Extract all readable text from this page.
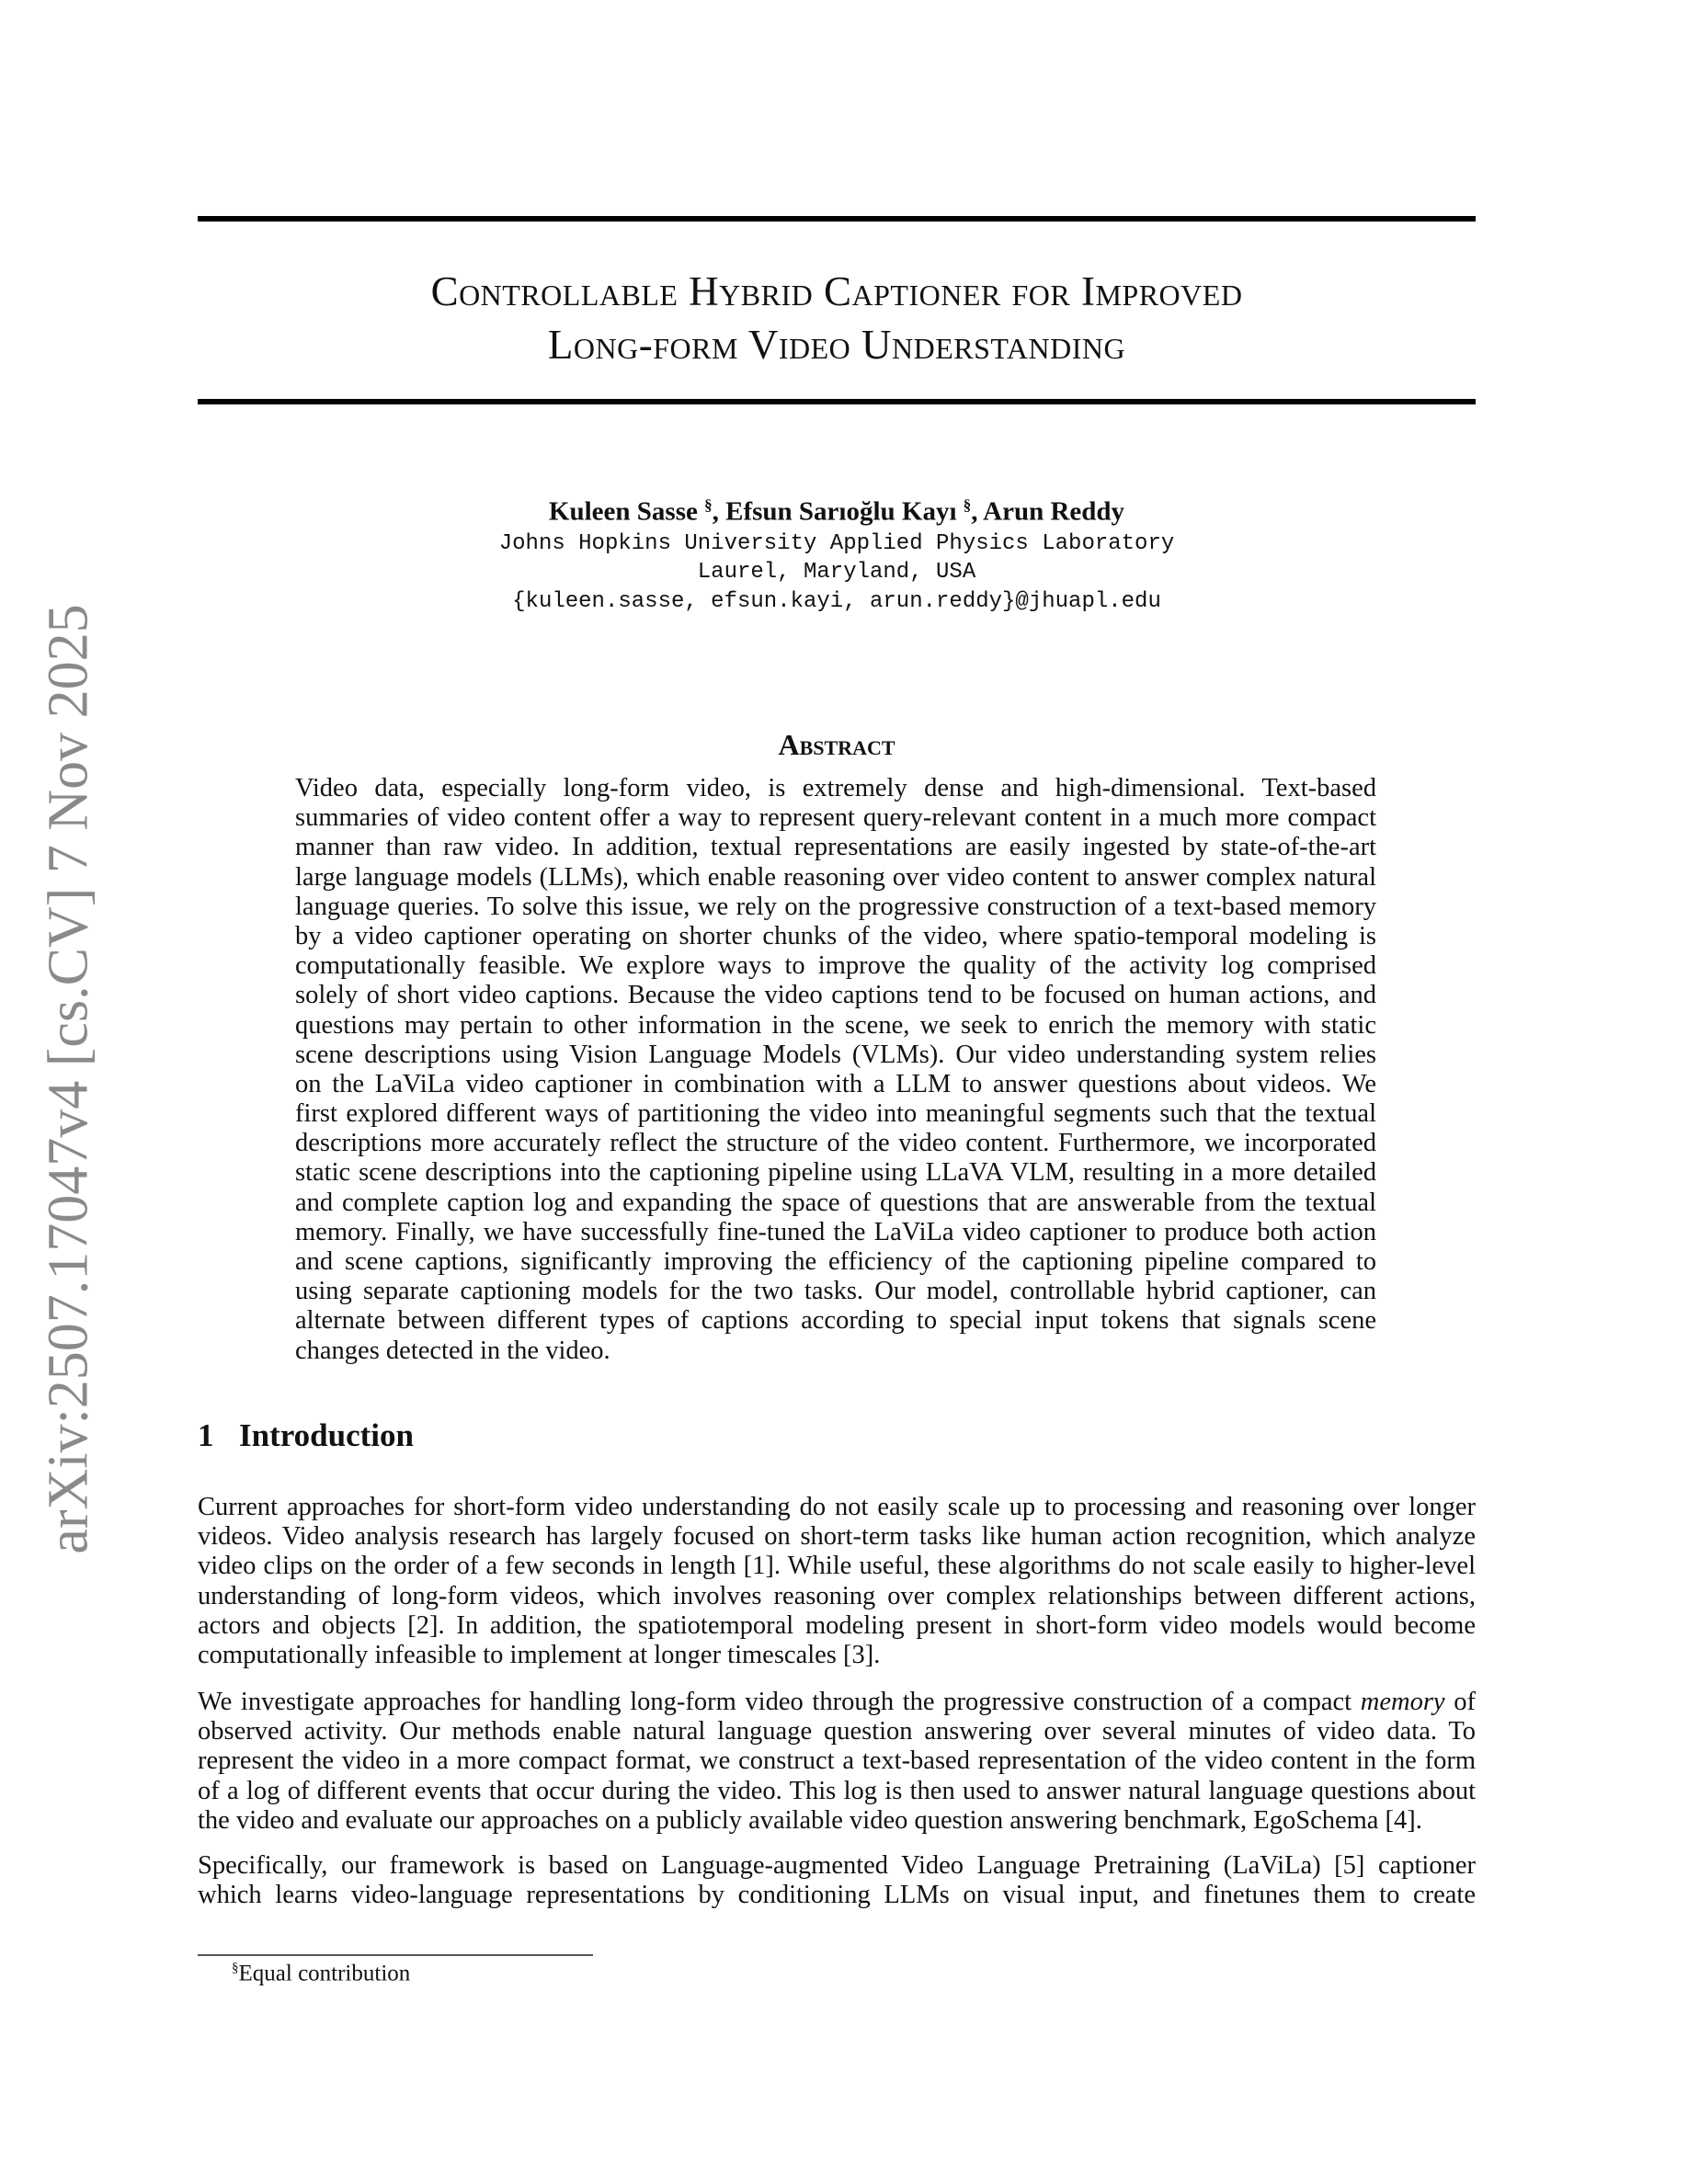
arXiv:2507.17047v4 [cs.CV] 7 Nov 2025
Controllable Hybrid Captioner for Improved
Long-form Video Understanding
Kuleen Sasse §, Efsun Sarıoğlu Kayı §, Arun Reddy
Johns Hopkins University Applied Physics Laboratory
Laurel, Maryland, USA
{kuleen.sasse, efsun.kayi, arun.reddy}@jhuapl.edu
Abstract
Video data, especially long-form video, is extremely dense and high-dimensional. Text-based
summaries of video content offer a way to represent query-relevant content in a much more compact
manner than raw video. In addition, textual representations are easily ingested by state-of-the-art
large language models (LLMs), which enable reasoning over video content to answer complex natural
language queries. To solve this issue, we rely on the progressive construction of a text-based memory
by a video captioner operating on shorter chunks of the video, where spatio-temporal modeling is
computationally feasible. We explore ways to improve the quality of the activity log comprised
solely of short video captions. Because the video captions tend to be focused on human actions, and
questions may pertain to other information in the scene, we seek to enrich the memory with static
scene descriptions using Vision Language Models (VLMs). Our video understanding system relies
on the LaViLa video captioner in combination with a LLM to answer questions about videos. We
first explored different ways of partitioning the video into meaningful segments such that the textual
descriptions more accurately reflect the structure of the video content. Furthermore, we incorporated
static scene descriptions into the captioning pipeline using LLaVA VLM, resulting in a more detailed
and complete caption log and expanding the space of questions that are answerable from the textual
memory. Finally, we have successfully fine-tuned the LaViLa video captioner to produce both action
and scene captions, significantly improving the efficiency of the captioning pipeline compared to
using separate captioning models for the two tasks. Our model, controllable hybrid captioner, can
alternate between different types of captions according to special input tokens that signals scene
changes detected in the video.
1 Introduction
Current approaches for short-form video understanding do not easily scale up to processing and reasoning over longer
videos. Video analysis research has largely focused on short-term tasks like human action recognition, which analyze
video clips on the order of a few seconds in length [1]. While useful, these algorithms do not scale easily to higher-level
understanding of long-form videos, which involves reasoning over complex relationships between different actions,
actors and objects [2]. In addition, the spatiotemporal modeling present in short-form video models would become
computationally infeasible to implement at longer timescales [3].
We investigate approaches for handling long-form video through the progressive construction of a compact memory of
observed activity. Our methods enable natural language question answering over several minutes of video data. To
represent the video in a more compact format, we construct a text-based representation of the video content in the form
of a log of different events that occur during the video. This log is then used to answer natural language questions about
the video and evaluate our approaches on a publicly available video question answering benchmark, EgoSchema [4].
Specifically, our framework is based on Language-augmented Video Language Pretraining (LaViLa) [5] captioner
which learns video-language representations by conditioning LLMs on visual input, and finetunes them to create
§Equal contribution
